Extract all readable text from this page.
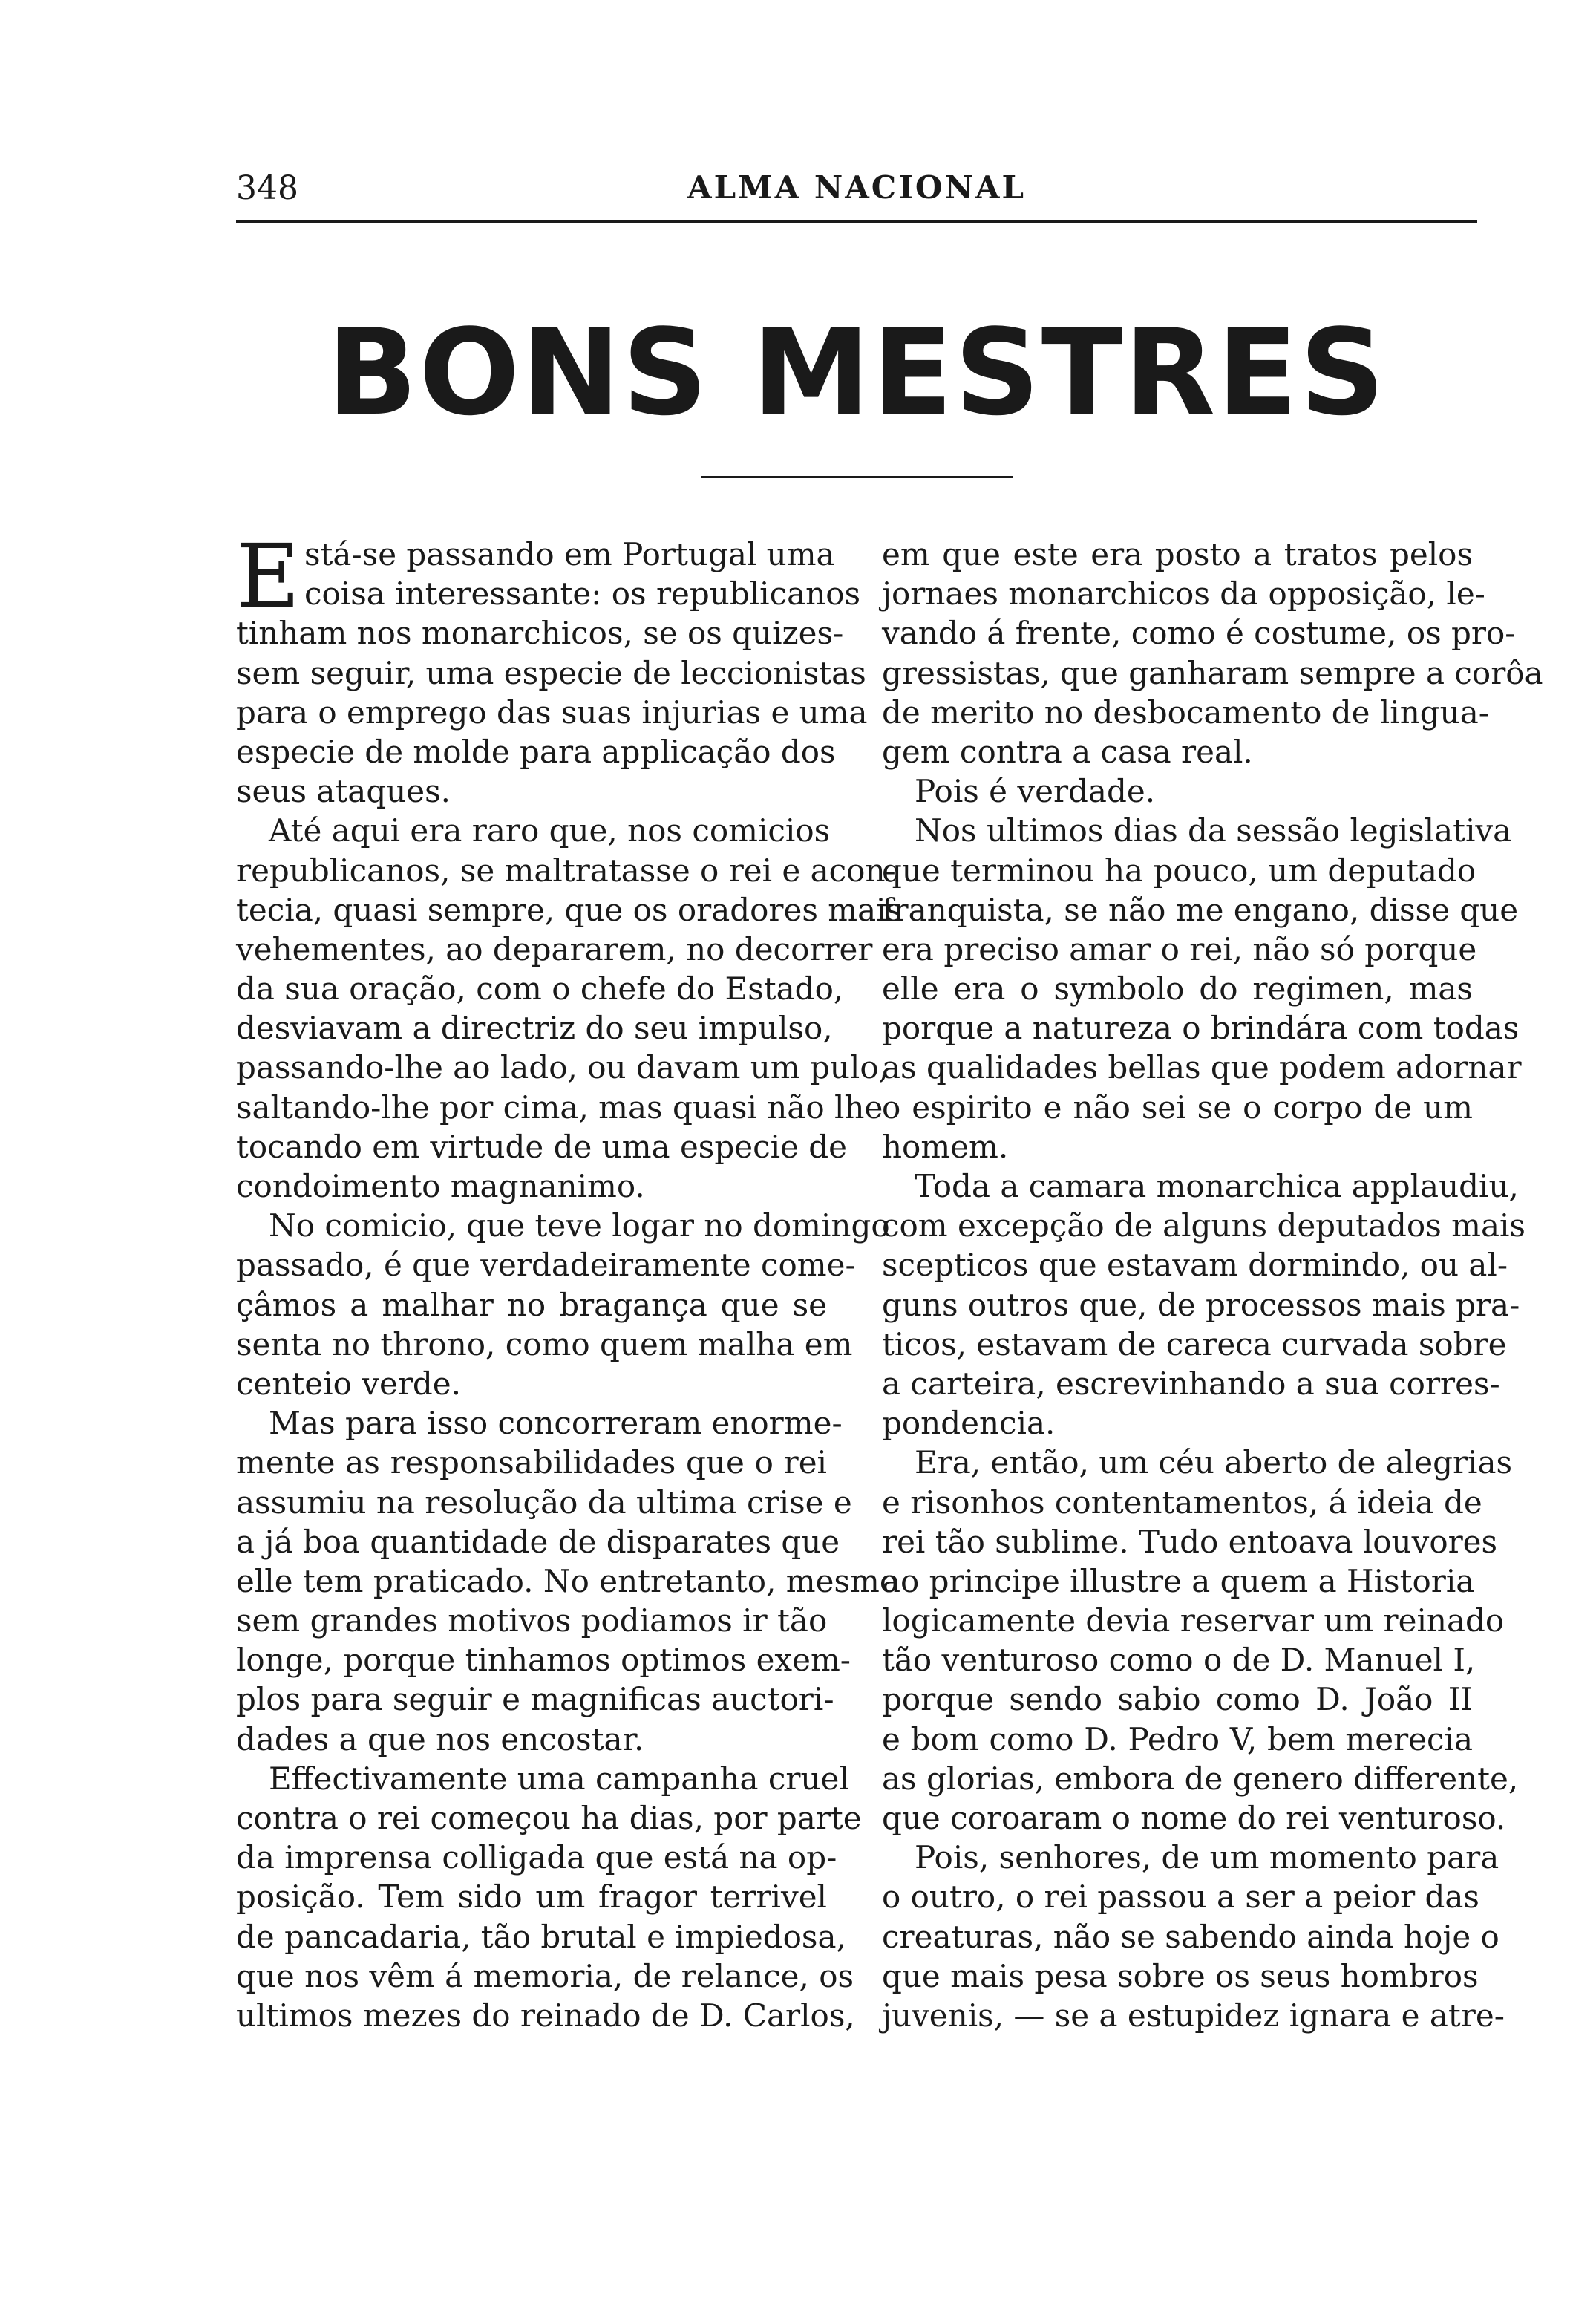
348	ALMA NACIONAL
BONS MESTRES
E stá-se passando em Portugal uma
coisa interessante: os republicanos
tinham nos monarchicos, se os quizes-
sem seguir, uma especie de leccionistas
para o emprego das suas injurias e uma
especie de molde para applicação dos
seus ataques.
Até aqui era raro que, nos comicios
republicanos, se maltratasse o rei e acon-
tecia, quasi sempre, que os oradores mais
vehementes, ao depararem, no decorrer
da sua oração, com o chefe do Estado,
desviavam a directriz do seu impulso,
passando-lhe ao lado, ou davam um pulo,
saltando-lhe por cima, mas quasi não lhe
tocando em virtude de uma especie de
condoimento magnanimo.
No comicio, que teve logar no domingo
passado, é que verdadeiramente come-
çâmos a malhar no bragança que se
senta no throno, como quem malha em
centeio verde.
Mas para isso concorreram enorme-
mente as responsabilidades que o rei
assumiu na resolução da ultima crise e
a já boa quantidade de disparates que
elle tem praticado. No entretanto, mesmo
sem grandes motivos podiamos ir tão
longe, porque tinhamos optimos exem-
plos para seguir e magnificas auctori-
dades a que nos encostar.
Effectivamente uma campanha cruel
contra o rei começou ha dias, por parte
da imprensa colligada que está na op-
posição. Tem sido um fragor terrivel
de pancadaria, tão brutal e impiedosa,
que nos vêm á memoria, de relance, os
ultimos mezes do reinado de D. Carlos,
em que este era posto a tratos pelos
jornaes monarchicos da opposição, le-
vando á frente, como é costume, os pro-
gressistas, que ganharam sempre a corôa
de merito no desbocamento de lingua-
gem contra a casa real.
Pois é verdade.
Nos ultimos dias da sessão legislativa
que terminou ha pouco, um deputado
franquista, se não me engano, disse que
era preciso amar o rei, não só porque
elle era o symbolo do regimen, mas
porque a natureza o brindára com todas
as qualidades bellas que podem adornar
o espirito e não sei se o corpo de um
homem.
Toda a camara monarchica applaudiu,
com excepção de alguns deputados mais
scepticos que estavam dormindo, ou al-
guns outros que, de processos mais pra-
ticos, estavam de careca curvada sobre
a carteira, escrevinhando a sua corres-
pondencia.
Era, então, um céu aberto de alegrias
e risonhos contentamentos, á ideia de
rei tão sublime. Tudo entoava louvores
ao principe illustre a quem a Historia
logicamente devia reservar um reinado
tão venturoso como o de D. Manuel I,
porque sendo sabio como D. João II
e bom como D. Pedro V, bem merecia
as glorias, embora de genero differente,
que coroaram o nome do rei venturoso.
Pois, senhores, de um momento para
o outro, o rei passou a ser a peior das
creaturas, não se sabendo ainda hoje o
que mais pesa sobre os seus hombros
juvenis, — se a estupidez ignara e atre-
